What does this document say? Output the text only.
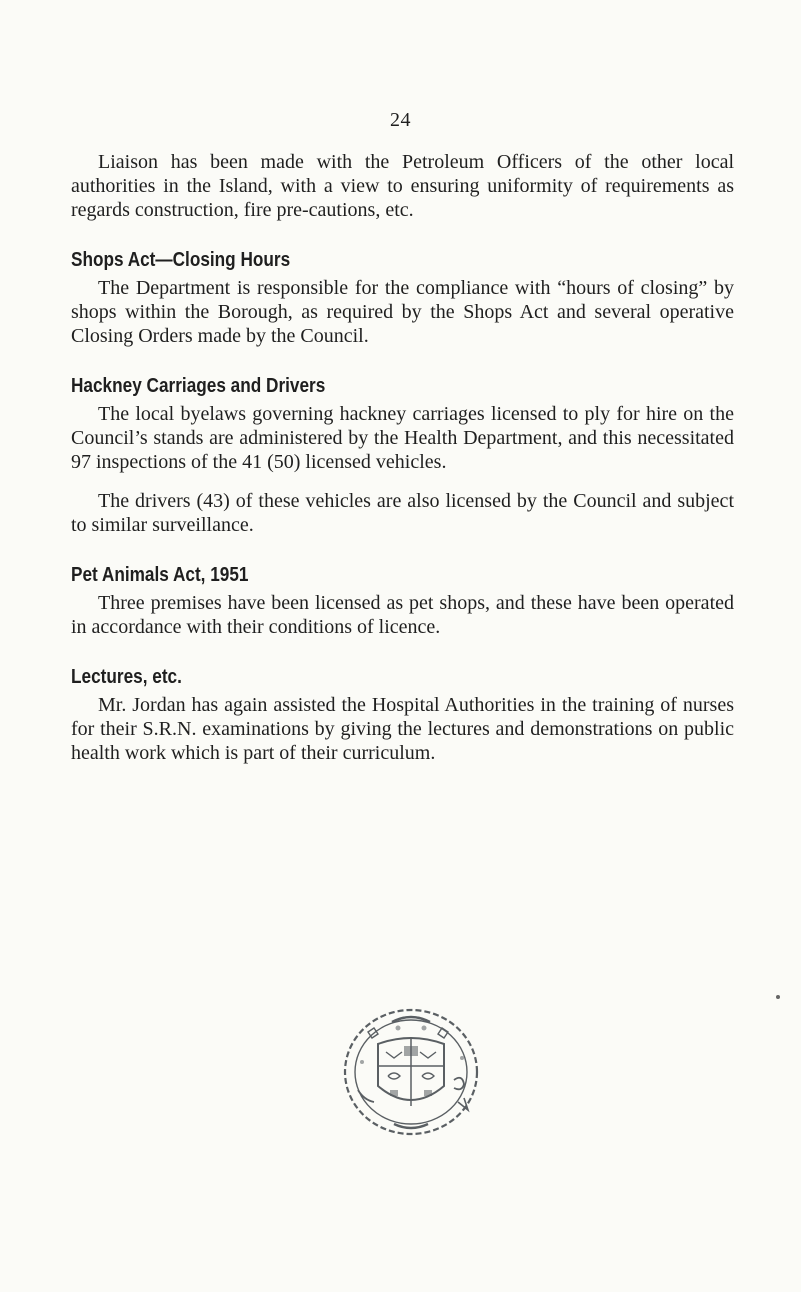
24

Liaison has been made with the Petroleum Officers of the other local authorities in the Island, with a view to ensuring uniformity of requirements as regards construction, fire pre-cautions, etc.

Shops Act—Closing Hours

The Department is responsible for the compliance with “hours of closing” by shops within the Borough, as required by the Shops Act and several operative Closing Orders made by the Council.

Hackney Carriages and Drivers

The local byelaws governing hackney carriages licensed to ply for hire on the Council’s stands are administered by the Health Department, and this necessitated 97 inspections of the 41 (50) licensed vehicles.

The drivers (43) of these vehicles are also licensed by the Council and subject to similar surveillance.

Pet Animals Act, 1951

Three premises have been licensed as pet shops, and these have been operated in accordance with their conditions of licence.

Lectures, etc.

Mr. Jordan has again assisted the Hospital Authorities in the training of nurses for their S.R.N. examinations by giving the lectures and demonstrations on public health work which is part of their curriculum.
